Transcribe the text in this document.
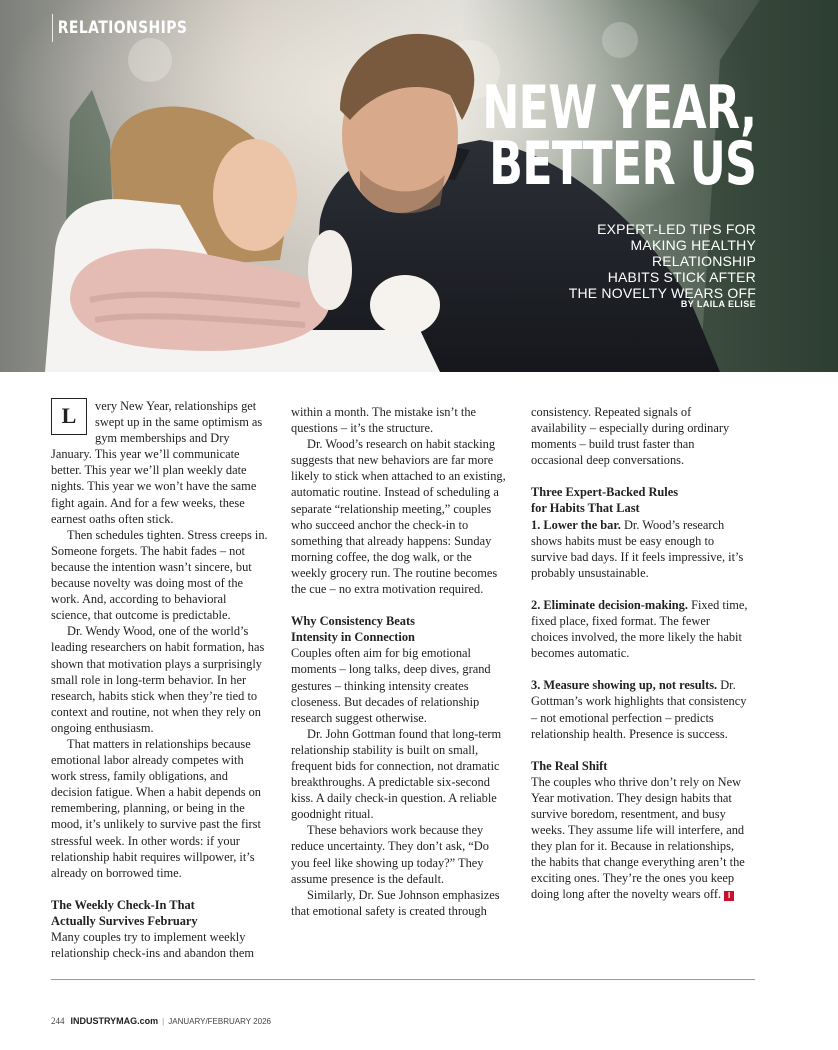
RELATIONSHIPS
NEW YEAR,
BETTER US
EXPERT-LED TIPS FOR
MAKING HEALTHY
RELATIONSHIP
HABITS STICK AFTER
THE NOVELTY WEARS OFF
BY LAILA ELISE
L	very New Year, relationships get swept up in the same optimism as gym memberships and Dry January. This year we’ll communicate better. This year we’ll plan weekly date nights. This year we won’t have the same fight again. And for a few weeks, these earnest oaths often stick.

Then schedules tighten. Stress creeps in. Someone forgets. The habit fades – not because the intention wasn’t sincere, but because novelty was doing most of the work. And, according to behavioral science, that outcome is predictable.

Dr. Wendy Wood, one of the world’s leading researchers on habit formation, has shown that motivation plays a surprisingly small role in long-term behavior. In her research, habits stick when they’re tied to context and routine, not when they rely on ongoing enthusiasm.

That matters in relationships because emotional labor already competes with work stress, family obligations, and decision fatigue. When a habit depends on remembering, planning, or being in the mood, it’s unlikely to survive past the first stressful week. In other words: if your relationship habit requires willpower, it’s already on borrowed time.

The Weekly Check-In That
Actually Survives February

Many couples try to implement weekly relationship check-ins and abandon them

within a month. The mistake isn’t the questions – it’s the structure.

Dr. Wood’s research on habit stacking suggests that new behaviors are far more likely to stick when attached to an existing, automatic routine. Instead of scheduling a separate “relationship meeting,” couples who succeed anchor the check-in to something that already happens: Sunday morning coffee, the dog walk, or the weekly grocery run. The routine becomes the cue – no extra motivation required.

Why Consistency Beats
Intensity in Connection

Couples often aim for big emotional moments – long talks, deep dives, grand gestures – thinking intensity creates closeness. But decades of relationship research suggest otherwise.

Dr. John Gottman found that long-term relationship stability is built on small, frequent bids for connection, not dramatic breakthroughs. A predictable six-second kiss. A daily check-in question. A reliable goodnight ritual.

These behaviors work because they reduce uncertainty. They don’t ask, “Do you feel like showing up today?” They assume presence is the default.

Similarly, Dr. Sue Johnson emphasizes that emotional safety is created through

consistency. Repeated signals of availability – especially during ordinary moments – build trust faster than occasional deep conversations.

Three Expert-Backed Rules
for Habits That Last

1. Lower the bar. Dr. Wood’s research shows habits must be easy enough to survive bad days. If it feels impressive, it’s probably unsustainable.

2. Eliminate decision-making. Fixed time, fixed place, fixed format. The fewer choices involved, the more likely the habit becomes automatic.

3. Measure showing up, not results. Dr. Gottman’s work highlights that consistency – not emotional perfection – predicts relationship health. Presence is success.

The Real Shift

The couples who thrive don’t rely on New Year motivation. They design habits that survive boredom, resentment, and busy weeks. They assume life will interfere, and they plan for it. Because in relationships, the habits that change everything aren’t the exciting ones. They’re the ones you keep doing long after the novelty wears off. I

244 INDUSTRYMAG.com | JANUARY/FEBRUARY 2026
